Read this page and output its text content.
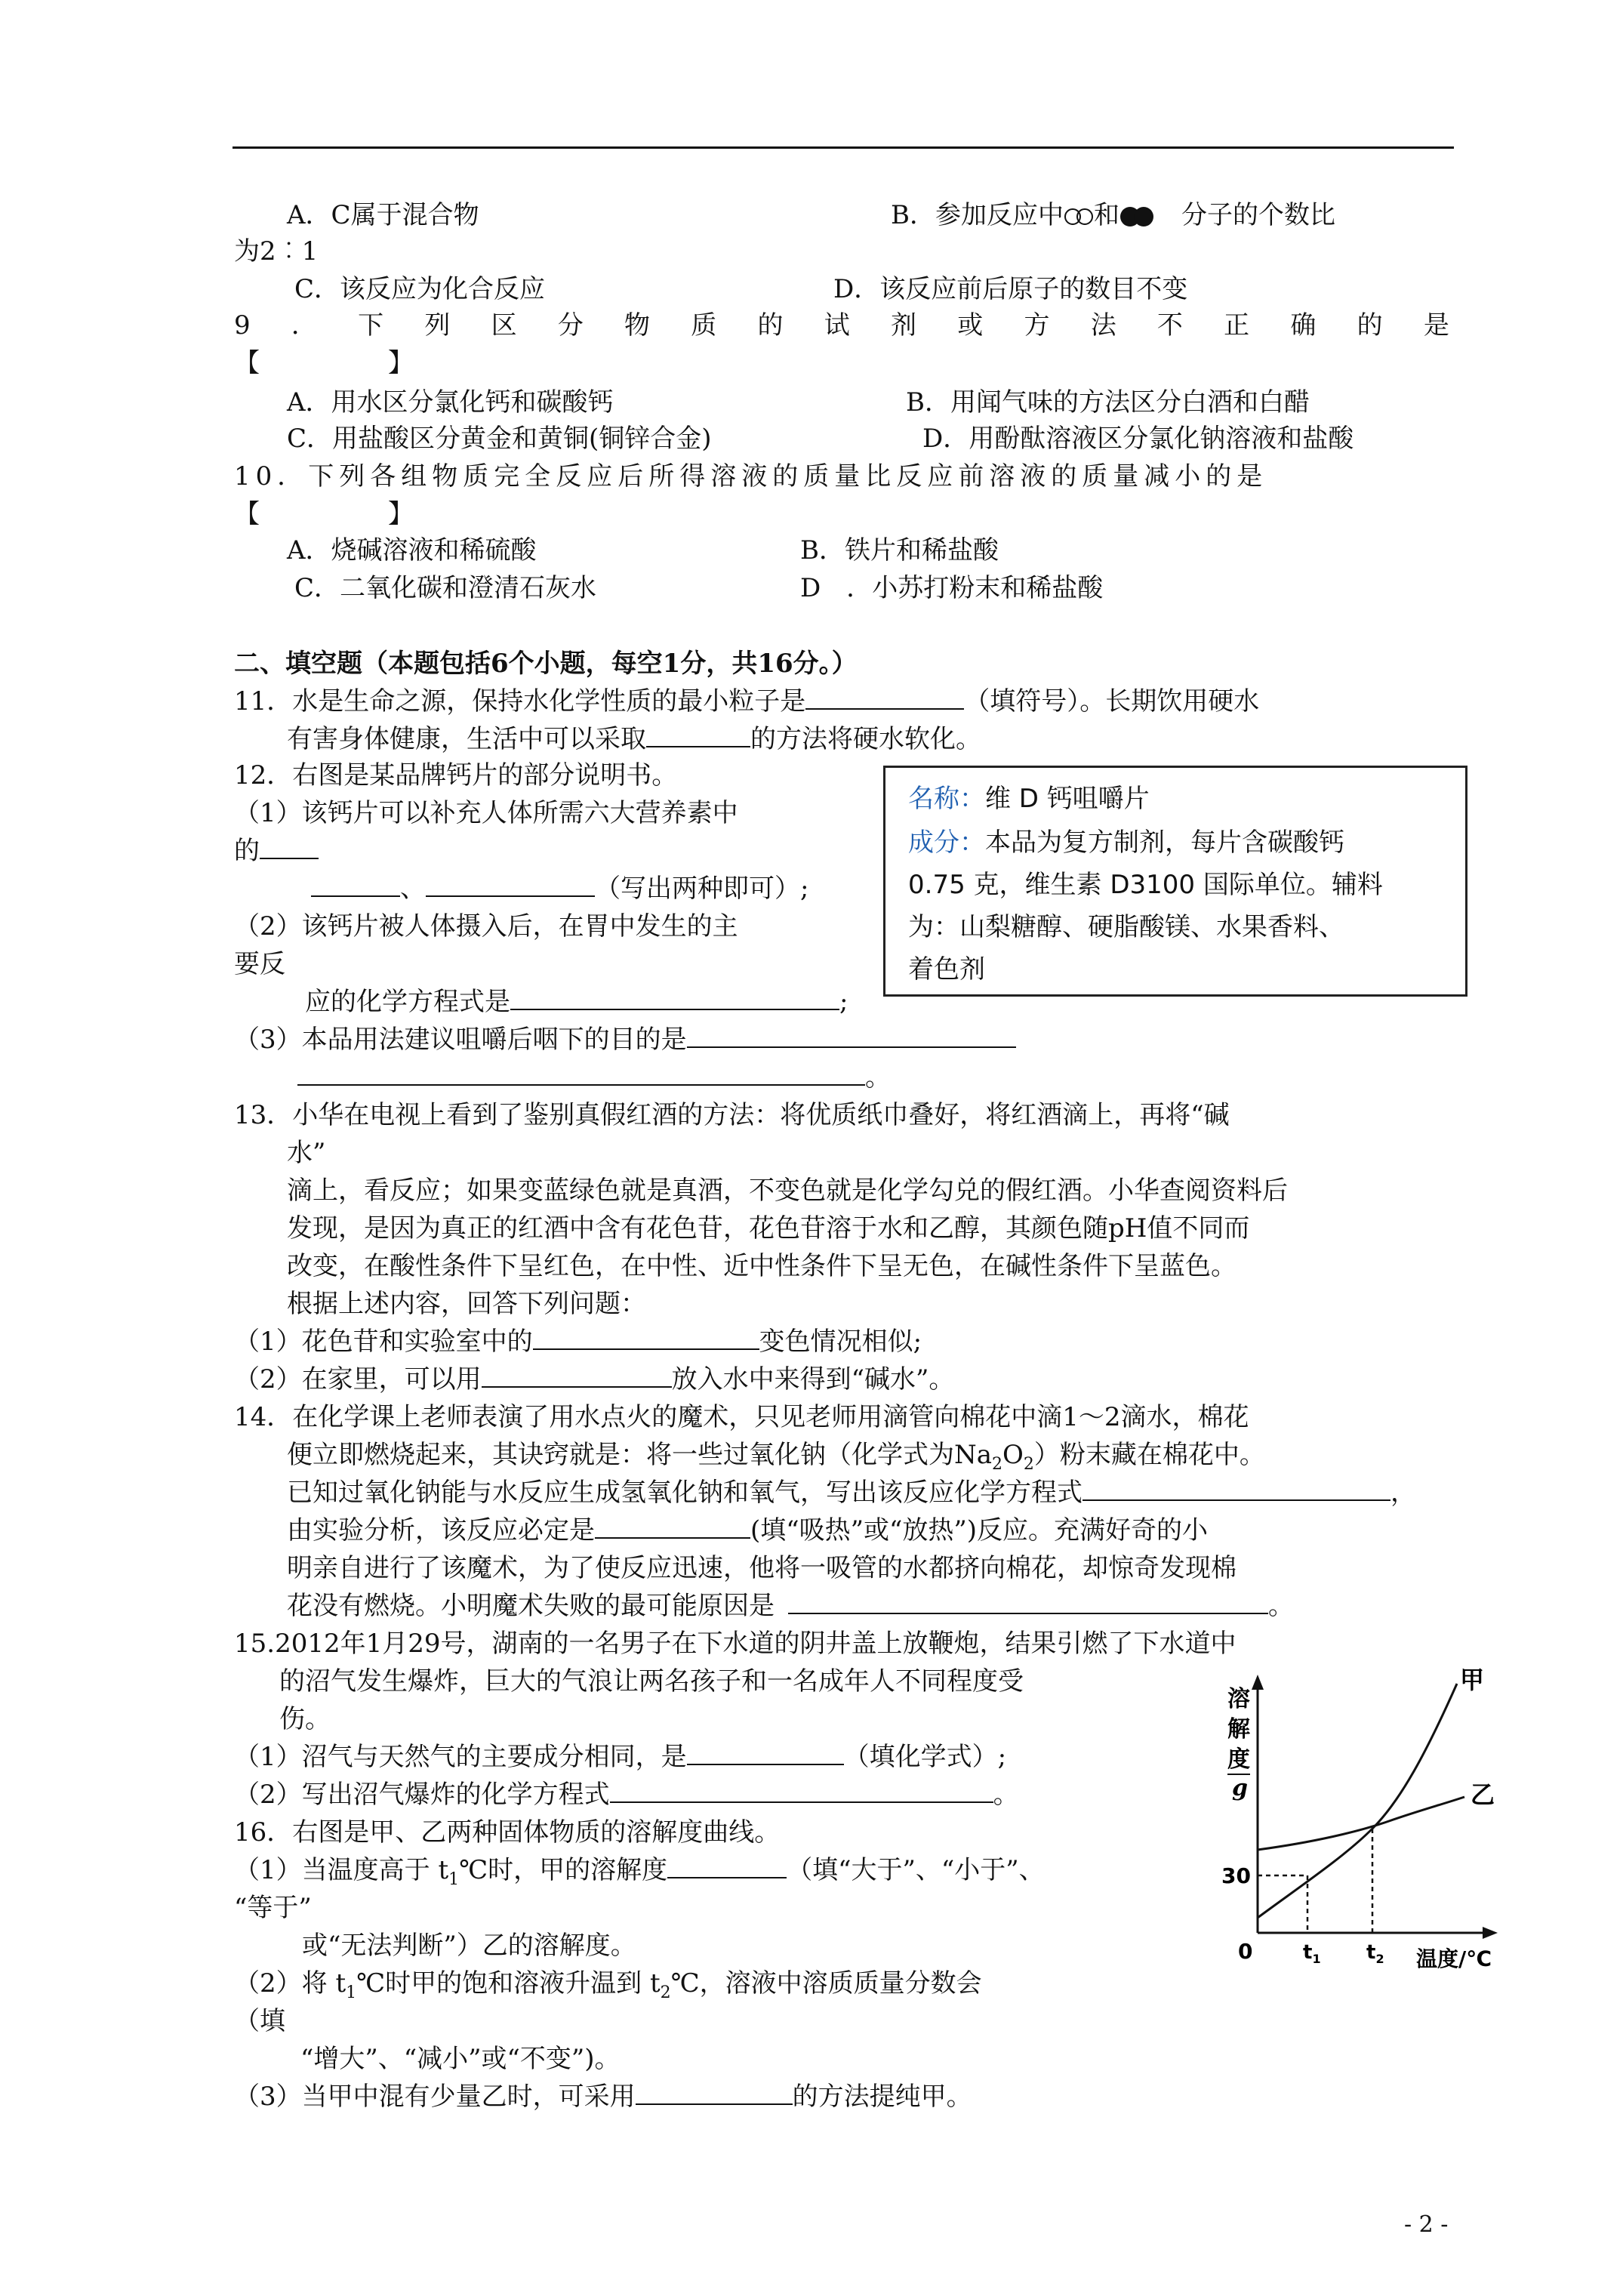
A．C属于混合物	B．参加反应中 和 分子的个数比
为2︰1
C．该反应为化合反应	D．该反应前后原子的数目不变
9 ． 下 列 区 分 物 质 的 试 剂 或 方 法 不 正 确 的 是
【　　　　　】
A．用水区分氯化钙和碳酸钙	B．用闻气味的方法区分白酒和白醋
C．用盐酸区分黄金和黄铜(铜锌合金)	D．用酚酞溶液区分氯化钠溶液和盐酸
10．下列各组物质完全反应后所得溶液的质量比反应前溶液的质量减小的是
【　　　　　】
A．烧碱溶液和稀硫酸	B．铁片和稀盐酸
C．二氧化碳和澄清石灰水	D　．小苏打粉末和稀盐酸
二、填空题（本题包括6个小题，每空1分，共16分。）
11．水是生命之源，保持水化学性质的最小粒子是	（填符号）。长期饮用硬水
有害身体健康，生活中可以采取	的方法将硬水软化。
12．右图是某品牌钙片的部分说明书。
（1）该钙片可以补充人体所需六大营养素中
的
、	（写出两种即可）;
（2）该钙片被人体摄入后，在胃中发生的主
要反
应的化学方程式是	;
（3）本品用法建议咀嚼后咽下的目的是
。
名称：维 D 钙咀嚼片
成分：本品为复方制剂，每片含碳酸钙
0.75 克，维生素 D3100 国际单位。辅料
为：山梨糖醇、硬脂酸镁、水果香料、
着色剂
13．小华在电视上看到了鉴别真假红酒的方法：将优质纸巾叠好，将红酒滴上，再将“碱
水”
滴上，看反应；如果变蓝绿色就是真酒，不变色就是化学勾兑的假红酒。小华查阅资料后
发现，是因为真正的红酒中含有花色苷，花色苷溶于水和乙醇，其颜色随pH值不同而
改变，在酸性条件下呈红色，在中性、近中性条件下呈无色，在碱性条件下呈蓝色。
根据上述内容，回答下列问题：
（1）花色苷和实验室中的	变色情况相似;
（2）在家里，可以用	放入水中来得到“碱水”。
14．在化学课上老师表演了用水点火的魔术，只见老师用滴管向棉花中滴1～2滴水，棉花
便立即燃烧起来，其诀窍就是：将一些过氧化钠（化学式为$Na_2O_2$）粉末藏在棉花中。
已知过氧化钠能与水反应生成氢氧化钠和氧气，写出该反应化学方程式	，
由实验分析，该反应必定是	(填“吸热”或“放热”)反应。充满好奇的小
明亲自进行了该魔术，为了使反应迅速，他将一吸管的水都挤向棉花，却惊奇发现棉
花没有燃烧。小明魔术失败的最可能原因是	。
15.2012年1月29号，湖南的一名男子在下水道的阴井盖上放鞭炮，结果引燃了下水道中
的沼气发生爆炸，巨大的气浪让两名孩子和一名成年人不同程度受
伤。
（1）沼气与天然气的主要成分相同，是	（填化学式）;
（2）写出沼气爆炸的化学方程式	。
16．右图是甲、乙两种固体物质的溶解度曲线。
（1）当温度高于 $t_1℃$时，甲的溶解度	（填“大于”、“小于”、
“等于”
或“无法判断”）乙的溶解度。
（2）将 $t_1℃$时甲的饱和溶液升温到 $t_2℃$，溶液中溶质质量分数会
（填
“增大”、“减小”或“不变”)。
（3）当甲中混有少量乙时，可采用	的方法提纯甲。
溶
解
度
g
30
0	$t_1$ $t_2$ 温度/℃
甲
乙
- 2 -
